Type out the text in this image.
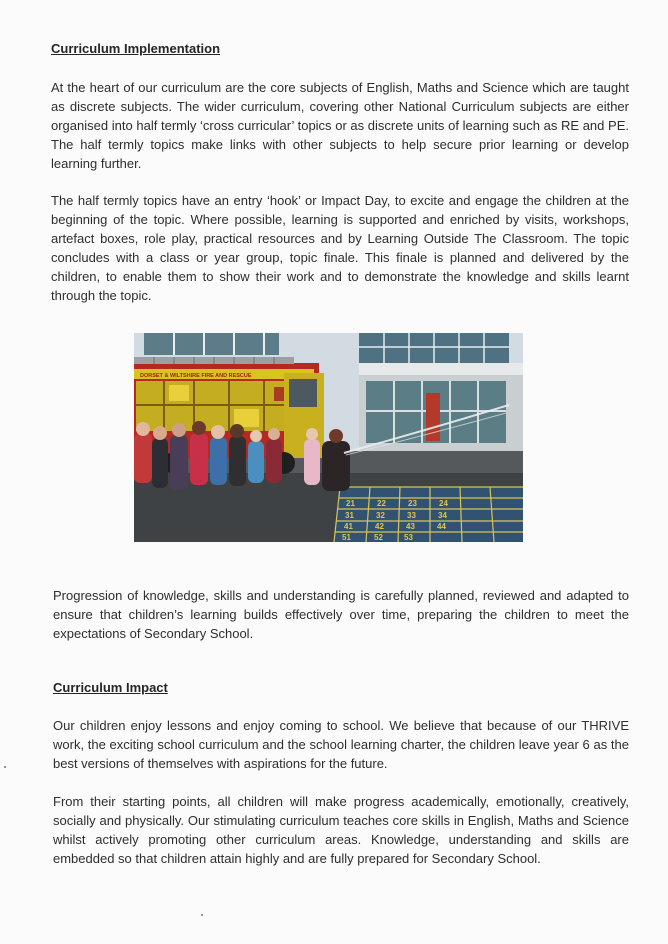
Curriculum Implementation
At the heart of our curriculum are the core subjects of English, Maths and Science which are taught as discrete subjects. The wider curriculum, covering other National Curriculum subjects are either organised into half termly ‘cross curricular’ topics or as discrete units of learning such as RE and PE. The half termly topics make links with other subjects to help secure prior learning or develop learning further.
The half termly topics have an entry ‘hook’ or Impact Day, to excite and engage the children at the beginning of the topic. Where possible, learning is supported and enriched by visits, workshops, artefact boxes, role play, practical resources and by Learning Outside The Classroom. The topic concludes with a class or year group, topic finale. This finale is planned and delivered by the children, to enable them to show their work and to demonstrate the knowledge and skills learnt through the topic.
51	52	53
41	42	43	44
31	32	33	34
21	22	23	24
DORSET & WILTSHIRE FIRE AND RESCUE
Progression of knowledge, skills and understanding is carefully planned, reviewed and adapted to ensure that children’s learning builds effectively over time, preparing the children to meet the expectations of Secondary School.
Curriculum Impact
Our children enjoy lessons and enjoy coming to school. We believe that because of our THRIVE work, the exciting school curriculum and the school learning charter, the children leave year 6 as the best versions of themselves with aspirations for the future.
From their starting points, all children will make progress academically, emotionally, creatively, socially and physically. Our stimulating curriculum teaches core skills in English, Maths and Science whilst actively promoting other curriculum areas. Knowledge, understanding and skills are embedded so that children attain highly and are fully prepared for Secondary School.
